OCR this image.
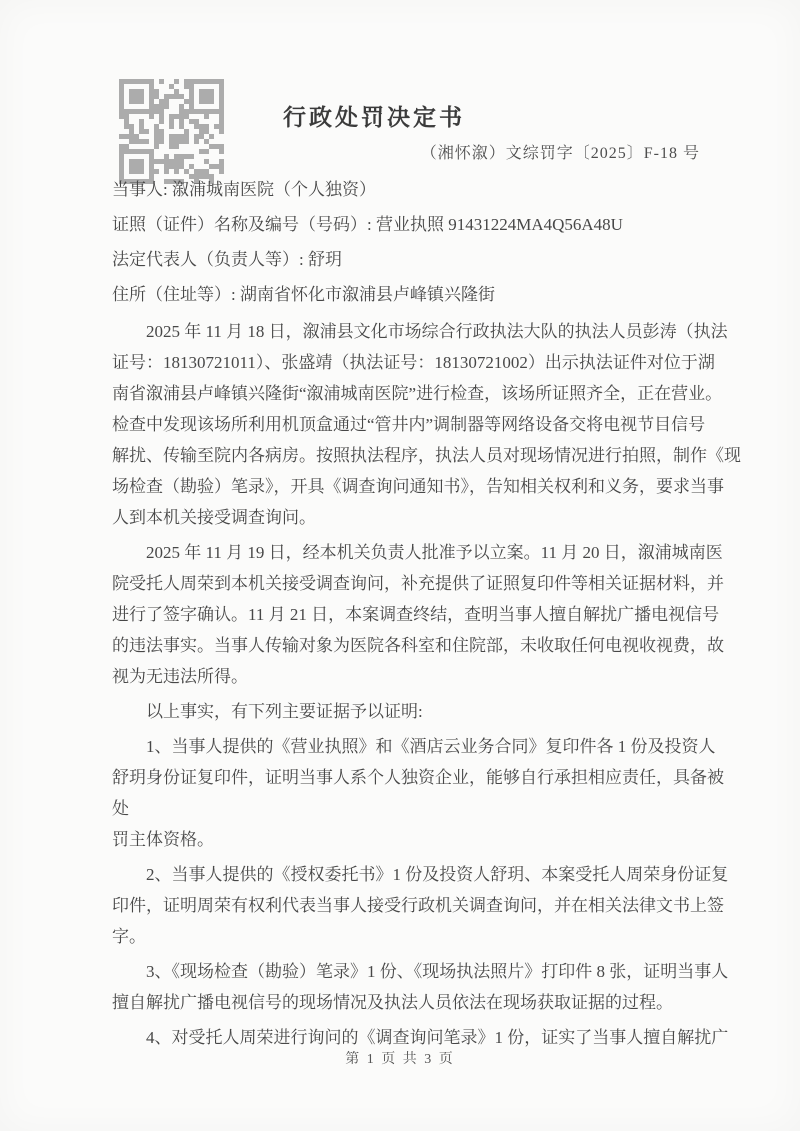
行政处罚决定书
（湘怀溆）文综罚字〔2025〕F-18 号
当事人: 溆浦城南医院（个人独资）
证照（证件）名称及编号（号码）: 营业执照 91431224MA4Q56A48U
法定代表人（负责人等）: 舒玥
住所（住址等）: 湖南省怀化市溆浦县卢峰镇兴隆街
2025 年 11 月 18 日，溆浦县文化市场综合行政执法大队的执法人员彭涛（执法
证号：18130721011）、张盛靖（执法证号：18130721002）出示执法证件对位于湖
南省溆浦县卢峰镇兴隆街“溆浦城南医院”进行检查，该场所证照齐全，正在营业。
检查中发现该场所利用机顶盒通过“管井内”调制器等网络设备交将电视节目信号
解扰、传输至院内各病房。按照执法程序，执法人员对现场情况进行拍照，制作《现
场检查（勘验）笔录》，开具《调查询问通知书》，告知相关权利和义务，要求当事
人到本机关接受调查询问。
2025 年 11 月 19 日，经本机关负责人批准予以立案。11 月 20 日，溆浦城南医
院受托人周荣到本机关接受调查询问，补充提供了证照复印件等相关证据材料，并
进行了签字确认。11 月 21 日，本案调查终结，查明当事人擅自解扰广播电视信号
的违法事实。当事人传输对象为医院各科室和住院部，未收取任何电视收视费，故
视为无违法所得。
以上事实，有下列主要证据予以证明:
1、当事人提供的《营业执照》和《酒店云业务合同》复印件各 1 份及投资人
舒玥身份证复印件，证明当事人系个人独资企业，能够自行承担相应责任，具备被
处
罚主体资格。
2、当事人提供的《授权委托书》1 份及投资人舒玥、本案受托人周荣身份证复
印件，证明周荣有权利代表当事人接受行政机关调查询问，并在相关法律文书上签
字。
3、《现场检查（勘验）笔录》1 份、《现场执法照片》打印件 8 张，证明当事人
擅自解扰广播电视信号的现场情况及执法人员依法在现场获取证据的过程。
4、对受托人周荣进行询问的《调查询问笔录》1 份，证实了当事人擅自解扰广
第 1 页 共 3 页
